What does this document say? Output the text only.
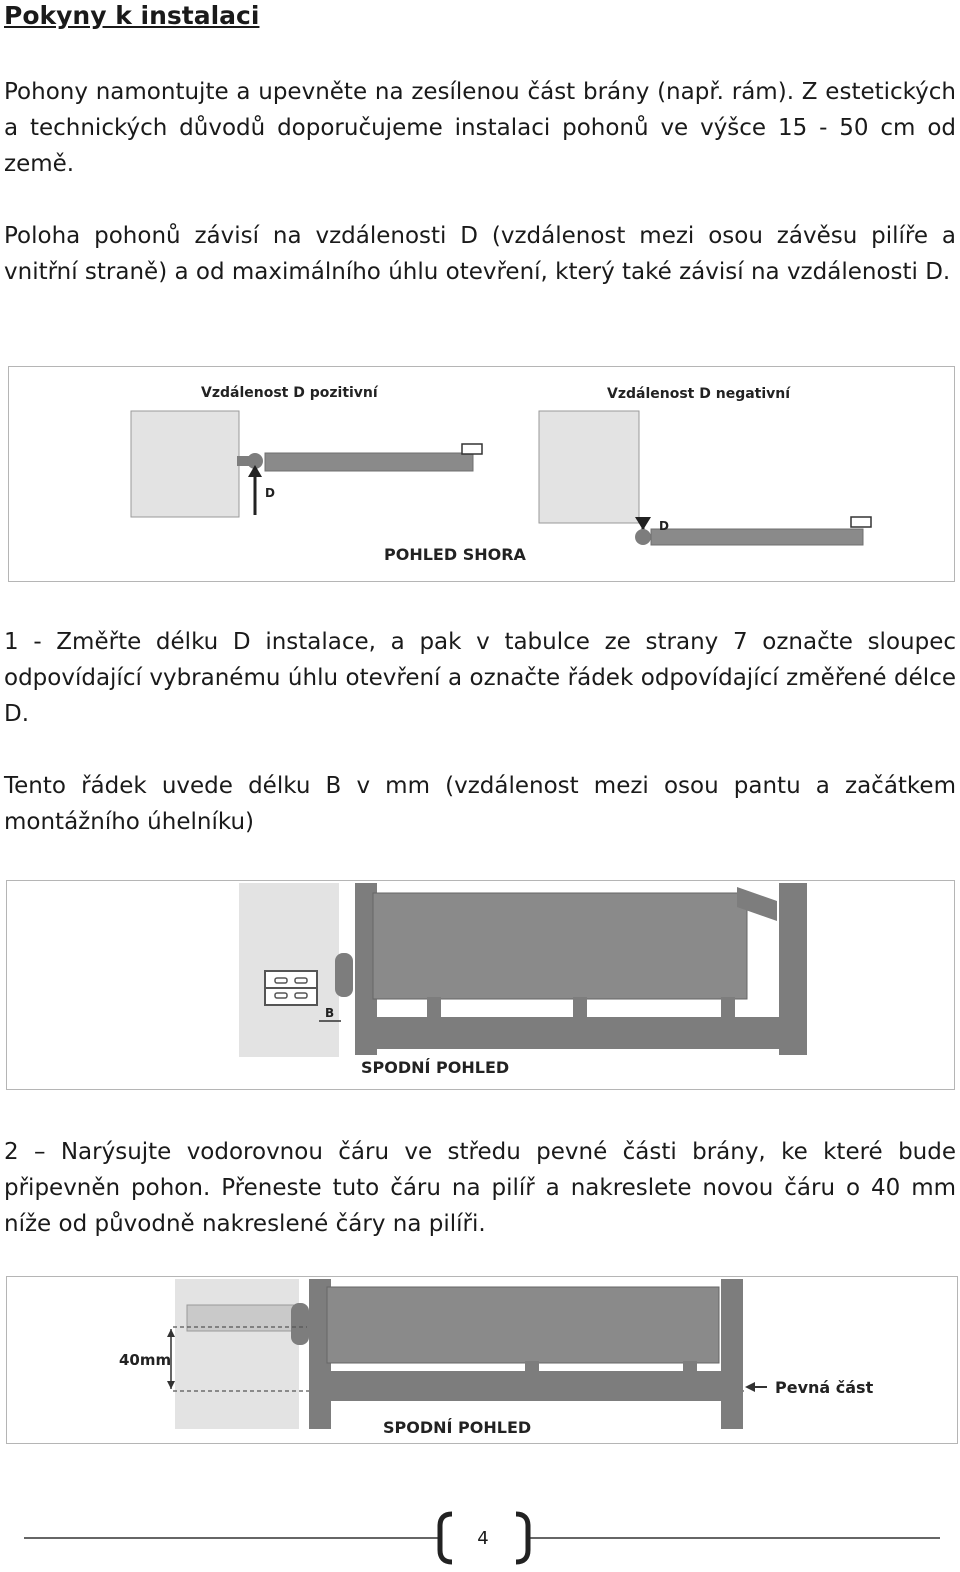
Pokyny k instalaci

Pohony namontujte a upevněte na zesílenou část brány (např. rám). Z estetických a technických důvodů doporučujeme instalaci pohonů ve výšce 15 - 50 cm od země.

Poloha pohonů závisí na vzdálenosti D (vzdálenost mezi osou závěsu pilíře a vnitřní straně) a od maximálního úhlu otevření, který také závisí na vzdálenosti D.

Vzdálenost D pozitivní
D
Vzdálenost D negativní
D
POHLED SHORA

1 - Změřte délku D instalace, a pak v tabulce ze strany 7 označte sloupec odpovídající vybranému úhlu otevření a označte řádek odpovídající změřené délce D.

Tento řádek uvede délku B v mm (vzdálenost mezi osou pantu a začátkem montážního úhelníku)

B
SPODNÍ POHLED

2 – Narýsujte vodorovnou čáru ve středu pevné části brány, ke které bude připevněn pohon. Přeneste tuto čáru na pilíř a nakreslete novou čáru o 40 mm níže od původně nakreslené čáry na pilíři.

40mm
Pevná část
SPODNÍ POHLED
4
